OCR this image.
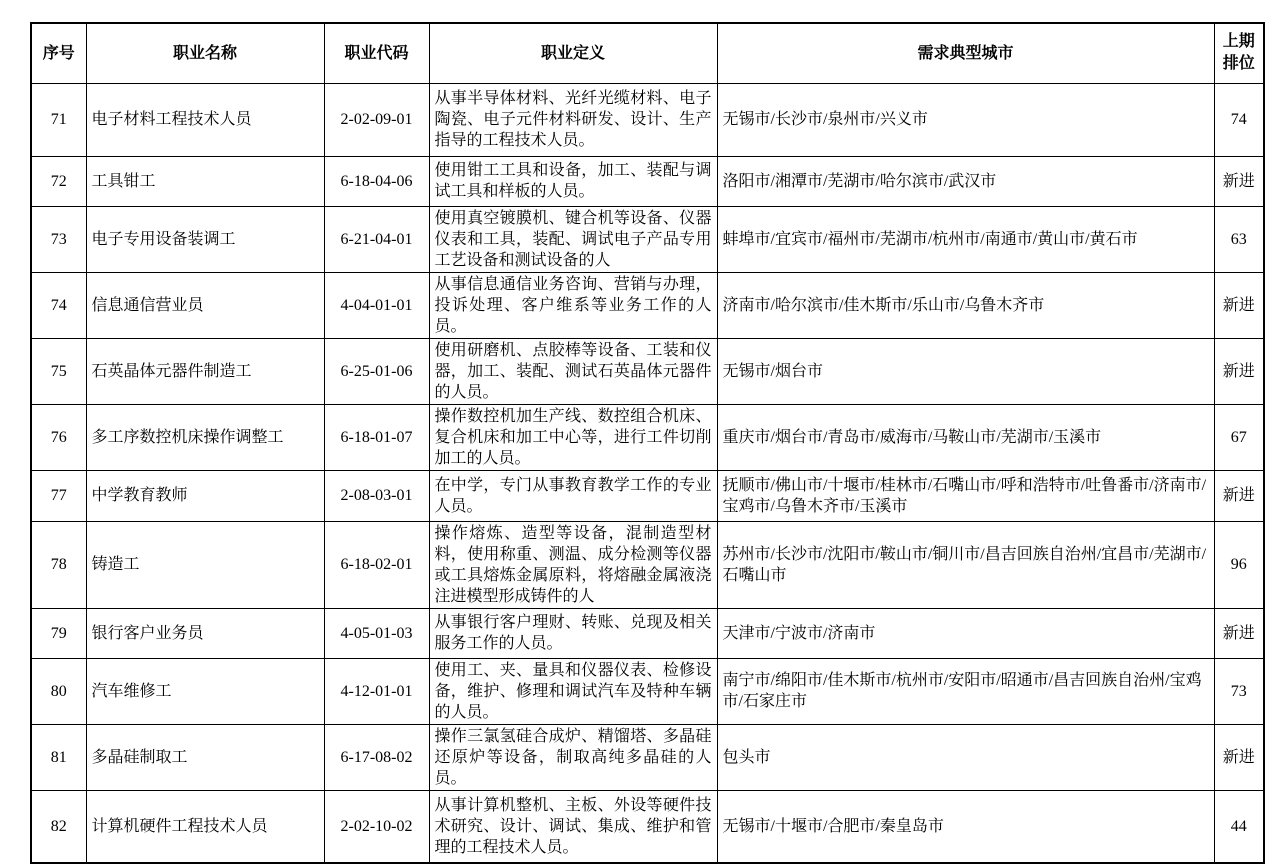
序号	职业名称	职业代码	职业定义	需求典型城市	上期
排位

71	电子材料工程技术人员	2-02-09-01	从事半导体材料、光纤光缆材料、电子陶瓷、电子元件材料研发、设计、生产指导的工程技术人员。	无锡市/长沙市/泉州市/兴义市	74
72	工具钳工	6-18-04-06	使用钳工工具和设备，加工、装配与调试工具和样板的人员。	洛阳市/湘潭市/芜湖市/哈尔滨市/武汉市	新进
73	电子专用设备装调工	6-21-04-01	使用真空镀膜机、键合机等设备、仪器仪表和工具，装配、调试电子产品专用工艺设备和测试设备的人	蚌埠市/宜宾市/福州市/芜湖市/杭州市/南通市/黄山市/黄石市	63
74	信息通信营业员	4-04-01-01	从事信息通信业务咨询、营销与办理，投诉处理、客户维系等业务工作的人员。	济南市/哈尔滨市/佳木斯市/乐山市/乌鲁木齐市	新进
75	石英晶体元器件制造工	6-25-01-06	使用研磨机、点胶棒等设备、工装和仪器，加工、装配、测试石英晶体元器件的人员。	无锡市/烟台市	新进
76	多工序数控机床操作调整工	6-18-01-07	操作数控机加生产线、数控组合机床、复合机床和加工中心等，进行工件切削加工的人员。	重庆市/烟台市/青岛市/威海市/马鞍山市/芜湖市/玉溪市	67
77	中学教育教师	2-08-03-01	在中学，专门从事教育教学工作的专业人员。	抚顺市/佛山市/十堰市/桂林市/石嘴山市/呼和浩特市/吐鲁番市/济南市/宝鸡市/乌鲁木齐市/玉溪市	新进
78	铸造工	6-18-02-01	操作熔炼、造型等设备，混制造型材料，使用称重、测温、成分检测等仪器或工具熔炼金属原料，将熔融金属液浇注进模型形成铸件的人	苏州市/长沙市/沈阳市/鞍山市/铜川市/昌吉回族自治州/宜昌市/芜湖市/石嘴山市	96
79	银行客户业务员	4-05-01-03	从事银行客户理财、转账、兑现及相关服务工作的人员。	天津市/宁波市/济南市	新进
80	汽车维修工	4-12-01-01	使用工、夹、量具和仪器仪表、检修设备，维护、修理和调试汽车及特种车辆的人员。	南宁市/绵阳市/佳木斯市/杭州市/安阳市/昭通市/昌吉回族自治州/宝鸡市/石家庄市	73
81	多晶硅制取工	6-17-08-02	操作三氯氢硅合成炉、精馏塔、多晶硅还原炉等设备，制取高纯多晶硅的人员。	包头市	新进
82	计算机硬件工程技术人员	2-02-10-02	从事计算机整机、主板、外设等硬件技术研究、设计、调试、集成、维护和管理的工程技术人员。	无锡市/十堰市/合肥市/秦皇岛市	44
